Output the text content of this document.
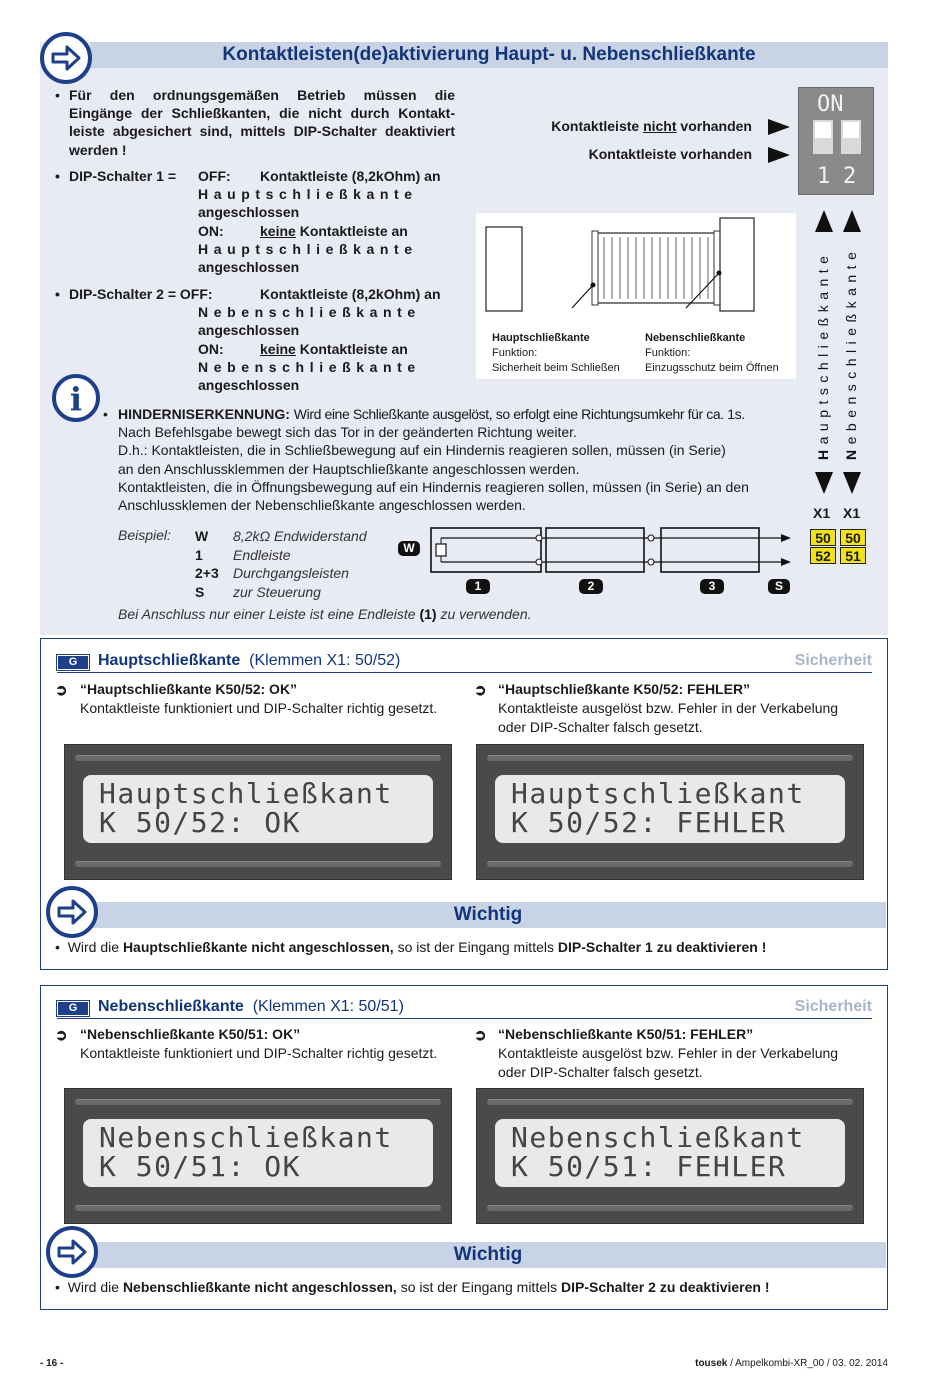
Kontaktleisten(de)aktivierung Haupt- u. Nebenschließkante
• Für den ordnungsgemäßen Betrieb müssen die
Eingänge der Schließkanten, die nicht durch Kontakt-
leiste abgesichert sind, mittels DIP-Schalter deaktiviert
werden !
• DIP-Schalter 1 = OFF: Kontaktleiste (8,2kOhm) an
Hauptschließkante
angeschlossen
ON:	keine Kontaktleiste an
Hauptschließkante
angeschlossen
• DIP-Schalter 2 = OFF:	Kontaktleiste (8,2kOhm) an
Nebenschließkante
angeschlossen
ON:	keine Kontaktleiste an
Nebenschließkante
angeschlossen
ON
1 2
Kontaktleiste nicht vorhanden
Kontaktleiste vorhanden
Hauptschließkante
Funktion:
Sicherheit beim Schließen
Nebenschließkante
Funktion:
Einzugsschutz beim Öffnen
Hauptschließkante
Nebenschließkante
X1 X1
50	50
52	51
i	• HINDERNISERKENNUNG: Wird eine Schließkante ausgelöst, so erfolgt eine Richtungsumkehr für ca. 1s.
Nach Befehlsgabe bewegt sich das Tor in der geänderten Richtung weiter.
D.h.: Kontaktleisten, die in Schließbewegung auf ein Hindernis reagieren sollen, müssen (in Serie)
an den Anschlussklemmen der Hauptschließkante angeschlossen werden.
Kontaktleisten, die in Öffnungsbewegung auf ein Hindernis reagieren sollen, müssen (in Serie) an den
Anschlussklemen der Nebenschließkante angeschlossen werden.
Beispiel: W	8,2kΩ Endwiderstand
1	Endleiste
2+3	Durchgangsleisten
S	zur Steuerung
W
1	2	3	S
Bei Anschluss nur einer Leiste ist eine Endleiste (1) zu verwenden.
G	Hauptschließkante (Klemmen X1: 50/52)	Sicherheit
➲ “Hauptschließkante K50/52: OK”
Kontaktleiste funktioniert und DIP-Schalter richtig gesetzt.
➲ “Hauptschließkante K50/52: FEHLER”
Kontaktleiste ausgelöst bzw. Fehler in der Verkabelung
oder DIP-Schalter falsch gesetzt.
Hauptschließkant
K 50/52: OK
Hauptschließkant
K 50/52: FEHLER
Wichtig
•  Wird die Hauptschließkante nicht angeschlossen, so ist der Eingang mittels DIP-Schalter 1 zu deaktivieren !
G	Nebenschließkante (Klemmen X1: 50/51)	Sicherheit
➲ “Nebenschließkante K50/51: OK”
Kontaktleiste funktioniert und DIP-Schalter richtig gesetzt.
➲ “Nebenschließkante K50/51: FEHLER”
Kontaktleiste ausgelöst bzw. Fehler in der Verkabelung
oder DIP-Schalter falsch gesetzt.
Nebenschließkant
K 50/51: OK
Nebenschließkant
K 50/51: FEHLER
Wichtig
•  Wird die Nebenschließkante nicht angeschlossen, so ist der Eingang mittels DIP-Schalter 2 zu deaktivieren !
- 16 -	tousek / Ampelkombi-XR_00 / 03. 02. 2014
